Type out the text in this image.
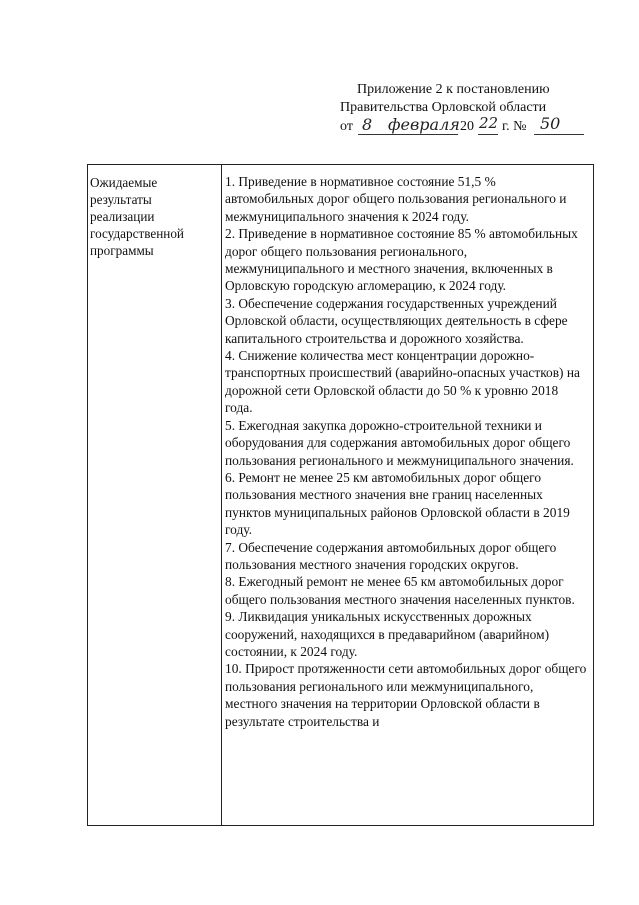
Приложение 2 к постановлению
Правительства Орловской области
от 8 февраля 20 22 г. № 50
Ожидаемые
результаты
реализации
государственной
программы
1. Приведение в нормативное состояние 51,5 % автомобильных дорог общего пользования регионального и межмуниципального значения к 2024 году.
2. Приведение в нормативное состояние 85 % автомобильных дорог общего пользования регионального, межмуниципального и местного значения, включенных в Орловскую городскую агломерацию, к 2024 году.
3. Обеспечение содержания государственных учреждений Орловской области, осуществляющих деятельность в сфере капитального строительства и дорожного хозяйства.
4. Снижение количества мест концентрации дорожно-транспортных происшествий (аварийно-опасных участков) на дорожной сети Орловской области до 50 % к уровню 2018 года.
5. Ежегодная закупка дорожно-строительной техники и оборудования для содержания автомобильных дорог общего пользования регионального и межмуниципального значения.
6. Ремонт не менее 25 км автомобильных дорог общего пользования местного значения вне границ населенных пунктов муниципальных районов Орловской области в 2019 году.
7. Обеспечение содержания автомобильных дорог общего пользования местного значения городских округов.
8. Ежегодный ремонт не менее 65 км автомобильных дорог общего пользования местного значения населенных пунктов.
9. Ликвидация уникальных искусственных дорожных сооружений, находящихся в предаварийном (аварийном) состоянии, к 2024 году.
10. Прирост протяженности сети автомобильных дорог общего пользования регионального или межмуниципального, местного значения на территории Орловской области в результате строительства и
